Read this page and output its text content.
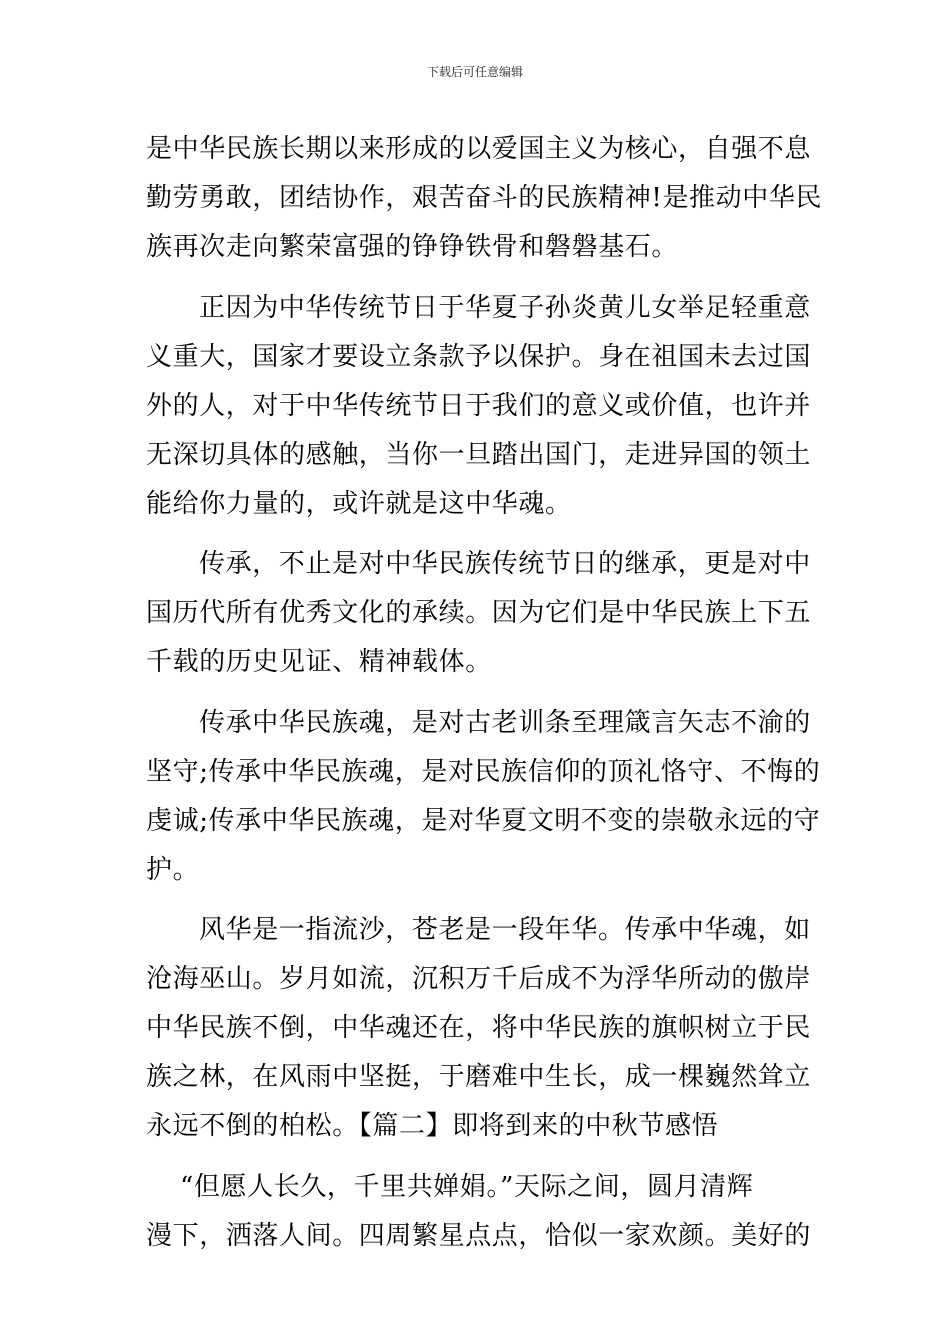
下载后可任意编辑
是中华民族长期以来形成的以爱国主义为核心，自强不息
勤劳勇敢，团结协作，艰苦奋斗的民族精神!是推动中华民
族再次走向繁荣富强的铮铮铁骨和磐磐基石。
正因为中华传统节日于华夏子孙炎黄儿女举足轻重意
义重大，国家才要设立条款予以保护。身在祖国未去过国
外的人，对于中华传统节日于我们的意义或价值，也许并
无深切具体的感触，当你一旦踏出国门，走进异国的领土
能给你力量的，或许就是这中华魂。
传承，不止是对中华民族传统节日的继承，更是对中
国历代所有优秀文化的承续。因为它们是中华民族上下五
千载的历史见证、精神载体。
传承中华民族魂，是对古老训条至理箴言矢志不渝的
坚守;传承中华民族魂，是对民族信仰的顶礼恪守、不悔的
虔诚;传承中华民族魂，是对华夏文明不变的崇敬永远的守
护。
风华是一指流沙，苍老是一段年华。传承中华魂，如
沧海巫山。岁月如流，沉积万千后成不为浮华所动的傲岸
中华民族不倒，中华魂还在，将中华民族的旗帜树立于民
族之林，在风雨中坚挺，于磨难中生长，成一棵巍然耸立
永远不倒的柏松。【篇二】即将到来的中秋节感悟
“但愿人长久，千里共婵娟。”天际之间，圆月清辉
漫下，洒落人间。四周繁星点点，恰似一家欢颜。美好的
